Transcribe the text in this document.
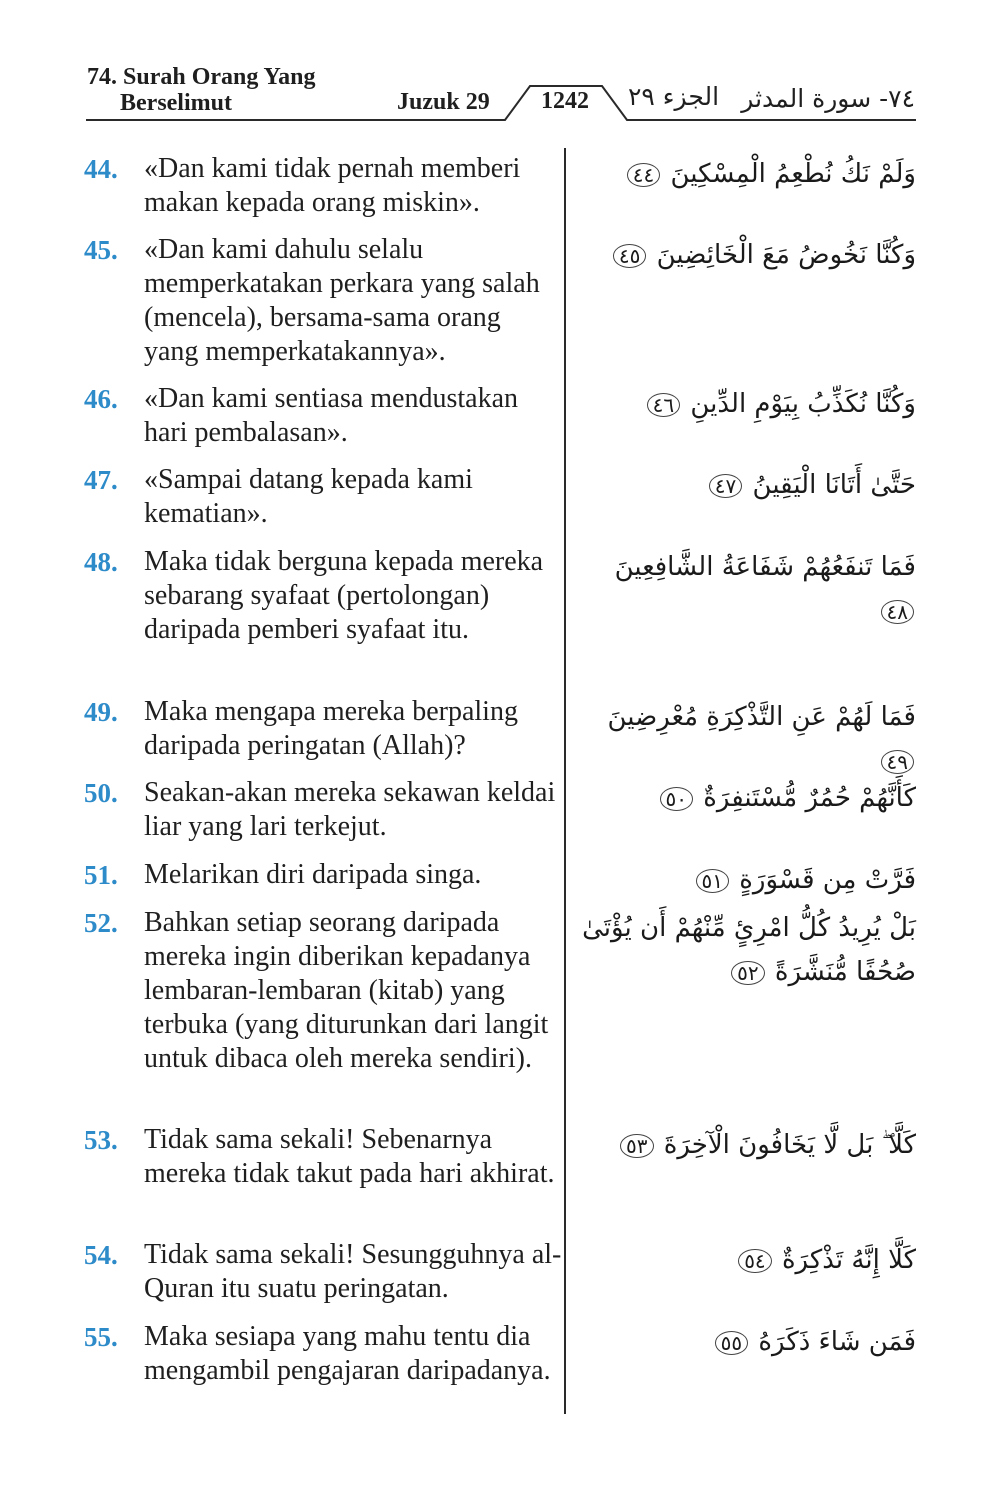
74. Surah Orang Yang
Berselimut	Juzuk 29 1242 الجزء ٢٩ ٧٤- سورة المدثر
44. «Dan kami tidak pernah memberi makan kepada orang miskin».
وَلَمْ نَكُ نُطْعِمُ الْمِسْكِينَ ٤٤
45. «Dan kami dahulu selalu memperkatakan perkara yang salah (mencela), bersama-sama orang yang memperkatakannya».
وَكُنَّا نَخُوضُ مَعَ الْخَائِضِينَ ٤٥
46. «Dan kami sentiasa mendustakan hari pembalasan».
وَكُنَّا نُكَذِّبُ بِيَوْمِ الدِّينِ ٤٦
47. «Sampai datang kepada kami kematian».
حَتَّىٰ أَتَانَا الْيَقِينُ ٤٧
48. Maka tidak berguna kepada mereka sebarang syafaat (pertolongan) daripada pemberi syafaat itu.
فَمَا تَنفَعُهُمْ شَفَاعَةُ الشَّافِعِينَ ٤٨
49. Maka mengapa mereka berpaling daripada peringatan (Allah)?
فَمَا لَهُمْ عَنِ التَّذْكِرَةِ مُعْرِضِينَ ٤٩
50. Seakan-akan mereka sekawan keldai liar yang lari terkejut.
كَأَنَّهُمْ حُمُرٌ مُّسْتَنفِرَةٌ ٥٠
51. Melarikan diri daripada singa.	فَرَّتْ مِن قَسْوَرَةٍ ٥١
52. Bahkan setiap seorang daripada mereka ingin diberikan kepadanya lembaran-lembaran (kitab) yang terbuka (yang diturunkan dari langit untuk dibaca oleh mereka sendiri).
بَلْ يُرِيدُ كُلُّ امْرِئٍ مِّنْهُمْ أَن يُؤْتَىٰ صُحُفًا مُّنَشَّرَةً ٥٢
53. Tidak sama sekali! Sebenarnya mereka tidak takut pada hari akhirat.
كَلَّا ۖ بَل لَّا يَخَافُونَ الْآخِرَةَ ٥٣
54. Tidak sama sekali! Sesungguhnya al-Quran itu suatu peringatan.
كَلَّا إِنَّهُ تَذْكِرَةٌ ٥٤
55. Maka sesiapa yang mahu tentu dia mengambil pengajaran daripadanya.
فَمَن شَاءَ ذَكَرَهُ ٥٥
